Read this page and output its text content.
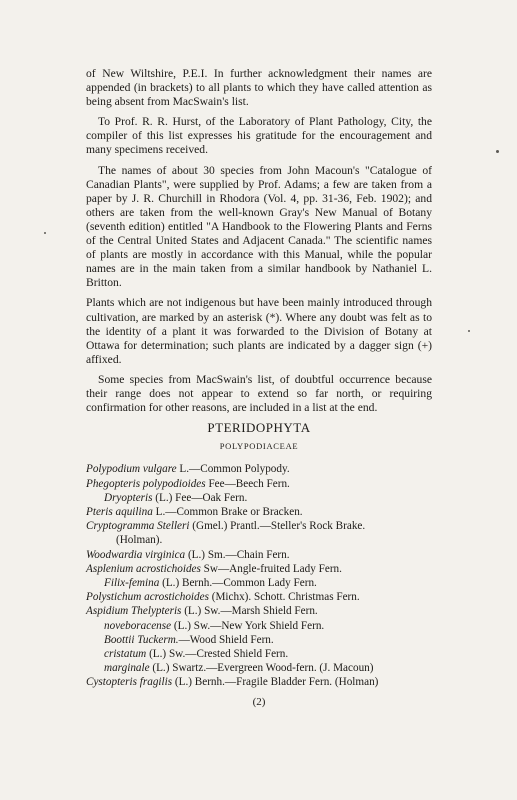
of New Wiltshire, P.E.I. In further acknowledgment their names are appended (in brackets) to all plants to which they have called attention as being absent from MacSwain's list.

To Prof. R. R. Hurst, of the Laboratory of Plant Pathology, City, the compiler of this list expresses his gratitude for the encouragement and many specimens received.

The names of about 30 species from John Macoun's "Catalogue of Canadian Plants", were supplied by Prof. Adams; a few are taken from a paper by J. R. Churchill in Rhodora (Vol. 4, pp. 31-36, Feb. 1902); and others are taken from the well-known Gray's New Manual of Botany (seventh edition) entitled "A Handbook to the Flowering Plants and Ferns of the Central United States and Adjacent Canada." The scientific names of plants are mostly in accordance with this Manual, while the popular names are in the main taken from a similar handbook by Nathaniel L. Britton.

Plants which are not indigenous but have been mainly introduced through cultivation, are marked by an asterisk (*). Where any doubt was felt as to the identity of a plant it was forwarded to the Division of Botany at Ottawa for determination; such plants are indicated by a dagger sign (+) affixed.

Some species from MacSwain's list, of doubtful occurrence because their range does not appear to extend so far north, or requiring confirmation for other reasons, are included in a list at the end.

PTERIDOPHYTA
POLYPODIACEAE
Polypodium vulgare L.—Common Polypody.
Phegopteris polypodioides Fee—Beech Fern.
Dryopteris (L.) Fee—Oak Fern.
Pteris aquilina L.—Common Brake or Bracken.
Cryptogramma Stelleri (Gmel.) Prantl.—Steller's Rock Brake.
(Holman).
Woodwardia virginica (L.) Sm.—Chain Fern.
Asplenium acrostichoides Sw—Angle-fruited Lady Fern.
Filix-femina (L.) Bernh.—Common Lady Fern.
Polystichum acrostichoides (Michx). Schott. Christmas Fern.
Aspidium Thelypteris (L.) Sw.—Marsh Shield Fern.
noveboracense (L.) Sw.—New York Shield Fern.
Boottii Tuckerm.—Wood Shield Fern.
cristatum (L.) Sw.—Crested Shield Fern.
marginale (L.) Swartz.—Evergreen Wood-fern. (J. Macoun)
Cystopteris fragilis (L.) Bernh.—Fragile Bladder Fern. (Holman)
(2)
